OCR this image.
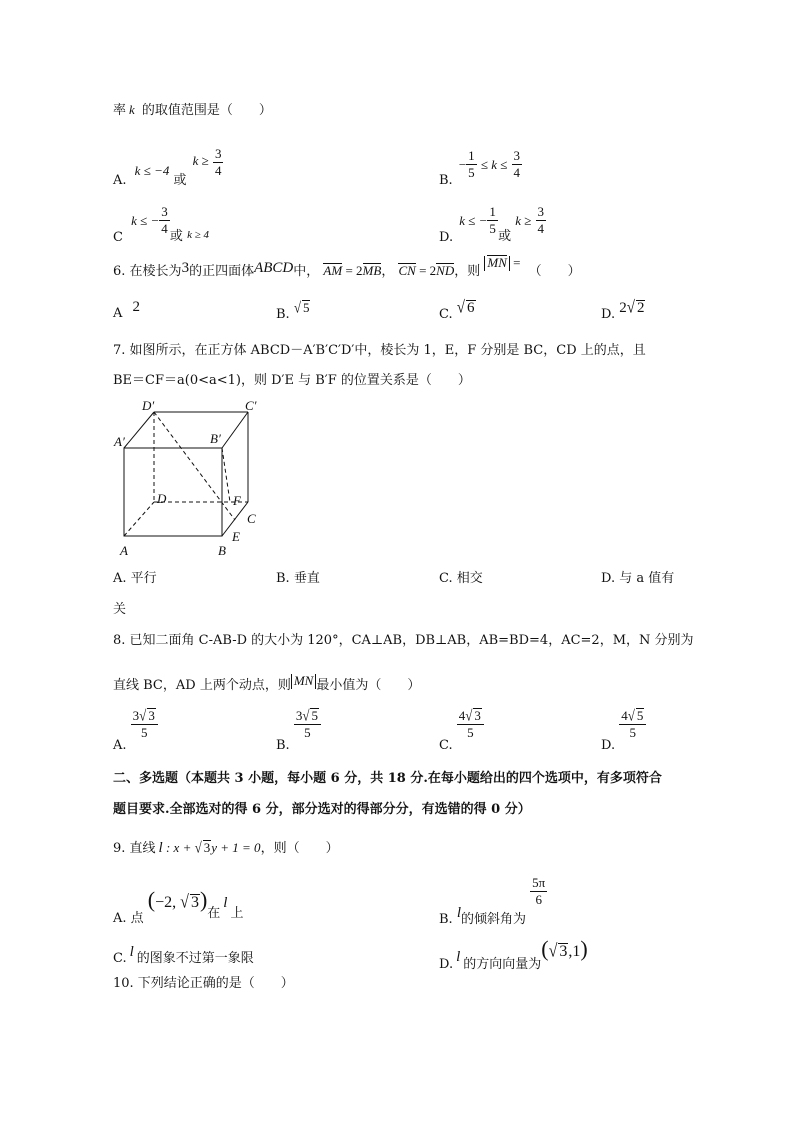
率 k 的取值范围是（　　）
A. k ≤ −4 或 $k \ge \frac{3}{4}$
B. − $\frac{1}{5} \le k \le \frac{3}{4}$
C k ≤ − $\frac{3}{4}$
或 $_{k \ge 4}$	D. k ≤ − $\frac{1}{5}$
或 $k \ge \frac{3}{4}$
6. 在棱长为3的正四面体ABCD中， AM = 2MB， CN = 2ND，则 MN = （　　）
A 2	B. √ 5	C. √ 6	D. 2√ 2
7. 如图所示，在正方体 ABCD－A′B′C′D′中，棱长为 1，E，F 分别是 BC，CD 上的点，且
BE＝CF＝a(0<a<1)，则 D′E 与 B′F 的位置关系是（　　）
D′	C′
A′	B′
D	F
C
E
A	B
A. 平行	B. 垂直	C. 相交	D. 与 a 值有
关
8. 已知二面角 C-AB-D 的大小为 120°，CA⊥AB，DB⊥AB，AB=BD=4，AC=2，M，N 分别为
直线 BC，AD 上两个动点，则 MN 最小值为（　　）
A.
$\frac{3√ 3}{5}$
B.
$\frac{3√ 5}{5}$
C.
$\frac{4√ 3}{5}$
D.
$\frac{4√ 5}{5}$
二、多选题（本题共 3 小题，每小题 6 分，共 18 分.在每小题给出的四个选项中，有多项符合
题目要求.全部选对的得 6 分，部分选对的得部分分，有选错的得 0 分）
9. 直线 l : x + √ 3y + 1 = 0，则（　　）
A. 点 (−2, √ 3)在l上	B. l的倾斜角为
$\frac{5\pi}{6}$
C. l 的图象不过第一象限	D. l 的方向向量为(√ 3,1)
10. 下列结论正确的是（　　）
